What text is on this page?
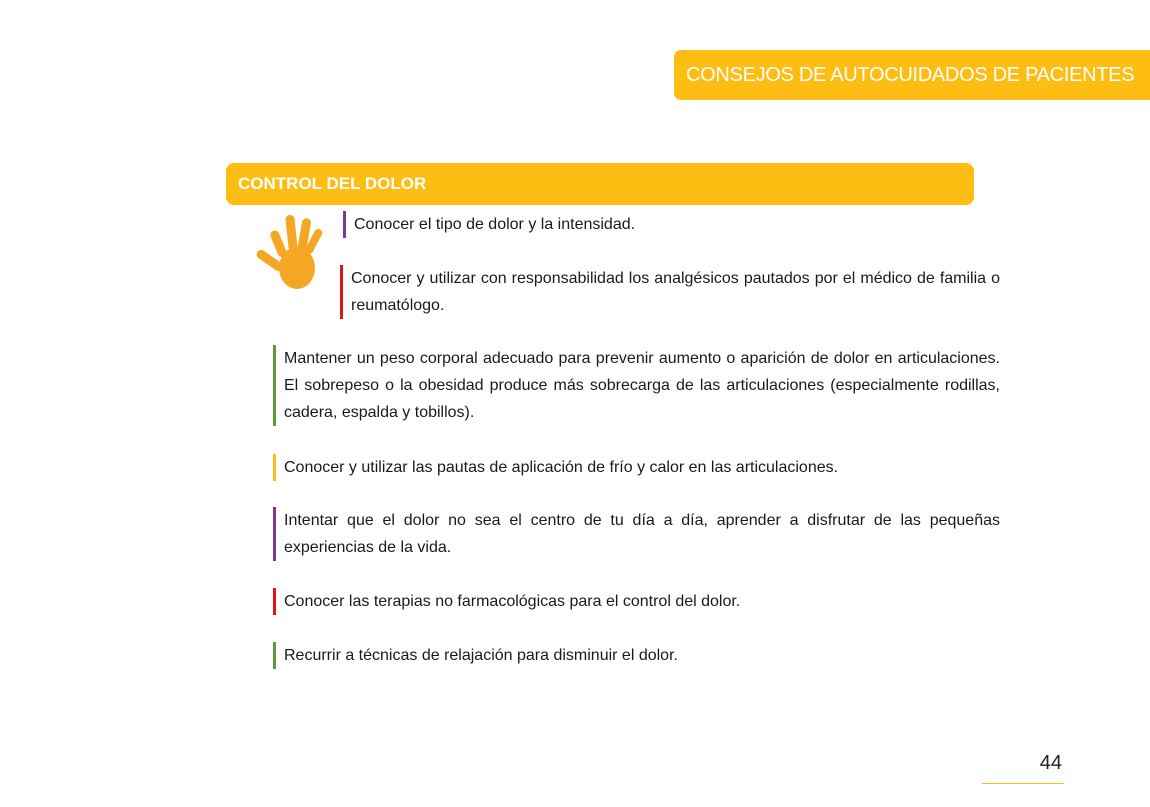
CONSEJOS DE AUTOCUIDADOS DE PACIENTES
CONTROL DEL DOLOR
Conocer el tipo de dolor y la intensidad.
Conocer y utilizar con responsabilidad los analgésicos pautados por el médico de familia o reumatólogo.
Mantener un peso corporal adecuado para prevenir aumento o aparición de dolor en articulaciones. El sobrepeso o la obesidad produce más sobrecarga de las articulaciones (especialmente rodillas, cadera, espalda y tobillos).
Conocer y utilizar las pautas de aplicación de frío y calor en las articulaciones.
Intentar que el dolor no sea el centro de tu día a día, aprender a disfrutar de las pequeñas experiencias de la vida.
Conocer las terapias no farmacológicas para el control del dolor.
Recurrir a técnicas de relajación para disminuir el dolor.
44
